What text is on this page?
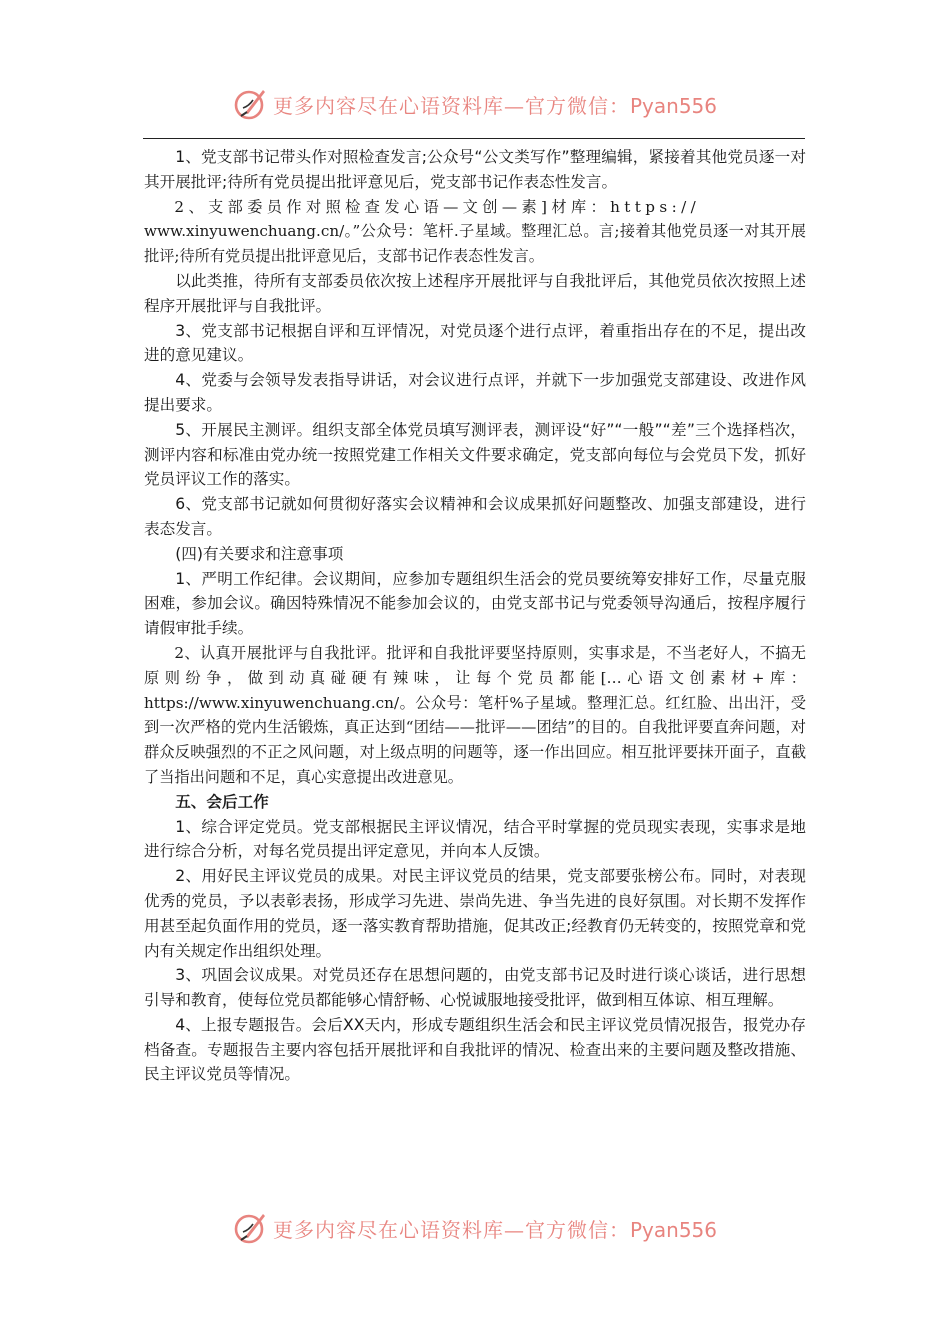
更多内容尽在心语资料库—官方微信：Pyan556

1、党支部书记带头作对照检查发言;公众号“公文类写作”整理编辑，紧接着其他党员逐一对其开展批评;待所有党员提出批评意见后，党支部书记作表态性发言。

2、支部委员作对照检查发心语—文创—素]材库：https://

www.xinyuwenchuang.cn/。”公众号：笔杆.子星域。整理汇总。言;接着其他党员逐一对其开展批评;待所有党员提出批评意见后，支部书记作表态性发言。

以此类推，待所有支部委员依次按上述程序开展批评与自我批评后，其他党员依次按照上述程序开展批评与自我批评。

3、党支部书记根据自评和互评情况，对党员逐个进行点评，着重指出存在的不足，提出改进的意见建议。

4、党委与会领导发表指导讲话，对会议进行点评，并就下一步加强党支部建设、改进作风提出要求。

5、开展民主测评。组织支部全体党员填写测评表，测评设“好”“一般”“差”三个选择档次，测评内容和标准由党办统一按照党建工作相关文件要求确定，党支部向每位与会党员下发，抓好党员评议工作的落实。

6、党支部书记就如何贯彻好落实会议精神和会议成果抓好问题整改、加强支部建设，进行表态发言。

(四)有关要求和注意事项

1、严明工作纪律。会议期间，应参加专题组织生活会的党员要统筹安排好工作，尽量克服困难，参加会议。确因特殊情况不能参加会议的，由党支部书记与党委领导沟通后，按程序履行请假审批手续。

2、认真开展批评与自我批评。批评和自我批评要坚持原则，实事求是，不当老好人，不搞无原则纷争，做到动真碰硬有辣味，让每个党员都能[…心语文创素材+库：https://www.xinyuwenchuang.cn/。公众号：笔杆%子星域。整理汇总。红红脸、出出汗，受到一次严格的党内生活锻炼，真正达到“团结——批评——团结”的目的。自我批评要直奔问题，对群众反映强烈的不正之风问题，对上级点明的问题等，逐一作出回应。相互批评要抹开面子，直截了当指出问题和不足，真心实意提出改进意见。

五、会后工作

1、综合评定党员。党支部根据民主评议情况，结合平时掌握的党员现实表现，实事求是地进行综合分析，对每名党员提出评定意见，并向本人反馈。

2、用好民主评议党员的成果。对民主评议党员的结果，党支部要张榜公布。同时，对表现优秀的党员，予以表彰表扬，形成学习先进、崇尚先进、争当先进的良好氛围。对长期不发挥作用甚至起负面作用的党员，逐一落实教育帮助措施，促其改正;经教育仍无转变的，按照党章和党内有关规定作出组织处理。

3、巩固会议成果。对党员还存在思想问题的，由党支部书记及时进行谈心谈话，进行思想引导和教育，使每位党员都能够心情舒畅、心悦诚服地接受批评，做到相互体谅、相互理解。

4、上报专题报告。会后XX天内，形成专题组织生活会和民主评议党员情况报告，报党办存档备查。专题报告主要内容包括开展批评和自我批评的情况、检查出来的主要问题及整改措施、民主评议党员等情况。

更多内容尽在心语资料库—官方微信：Pyan556
